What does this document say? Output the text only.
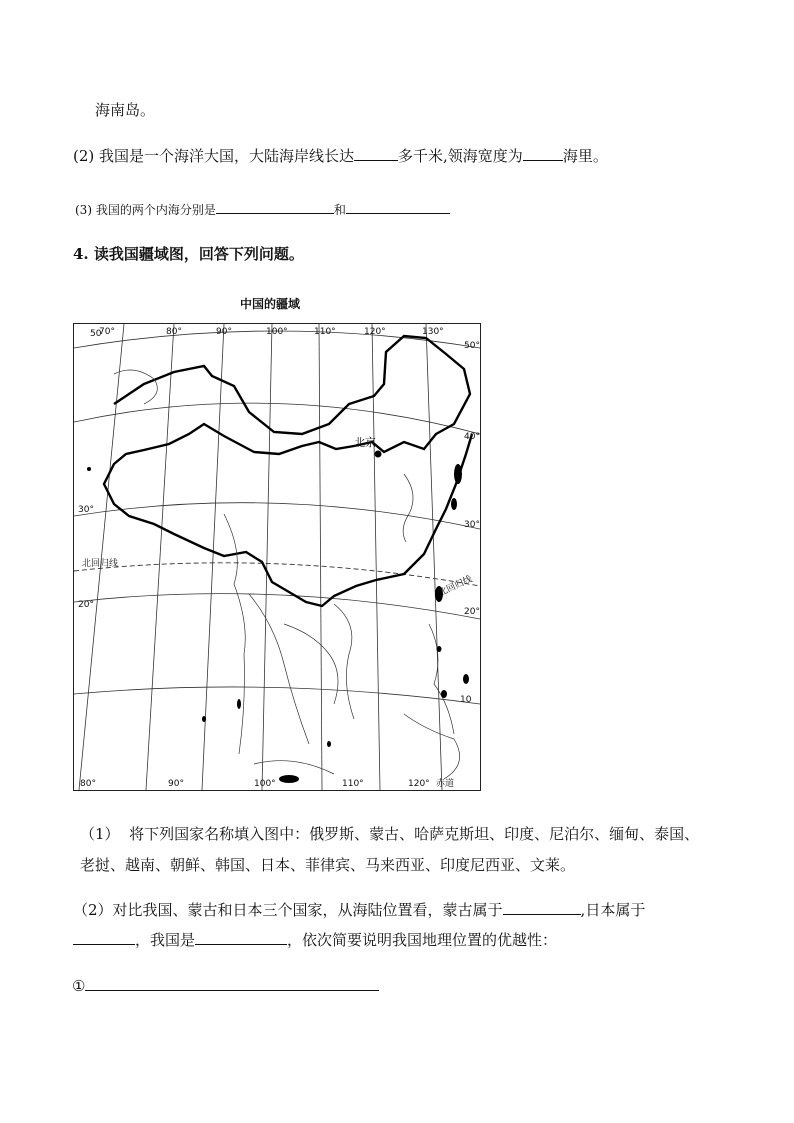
海南岛。
(2) 我国是一个海洋大国，大陆海岸线长达	多千米,领海宽度为	海里。
(3) 我国的两个内海分别是	和
4. 读我国疆域图，回答下列问题。
中国的疆域
北京
北回归线
北回归线
70°	80°	90°	100°	110°	120°	130°
80°	90°	100°	110°	120° 赤道
50
30°
20°
50°
40°
30°
20°
10
（1） 将下列国家名称填入图中：俄罗斯、蒙古、哈萨克斯坦、印度、尼泊尔、缅甸、泰国、
老挝、越南、朝鲜、韩国、日本、菲律宾、马来西亚、印度尼西亚、文莱。
（2）对比我国、蒙古和日本三个国家，从海陆位置看，蒙古属于	,日本属于
，我国是	，依次简要说明我国地理位置的优越性：
①
